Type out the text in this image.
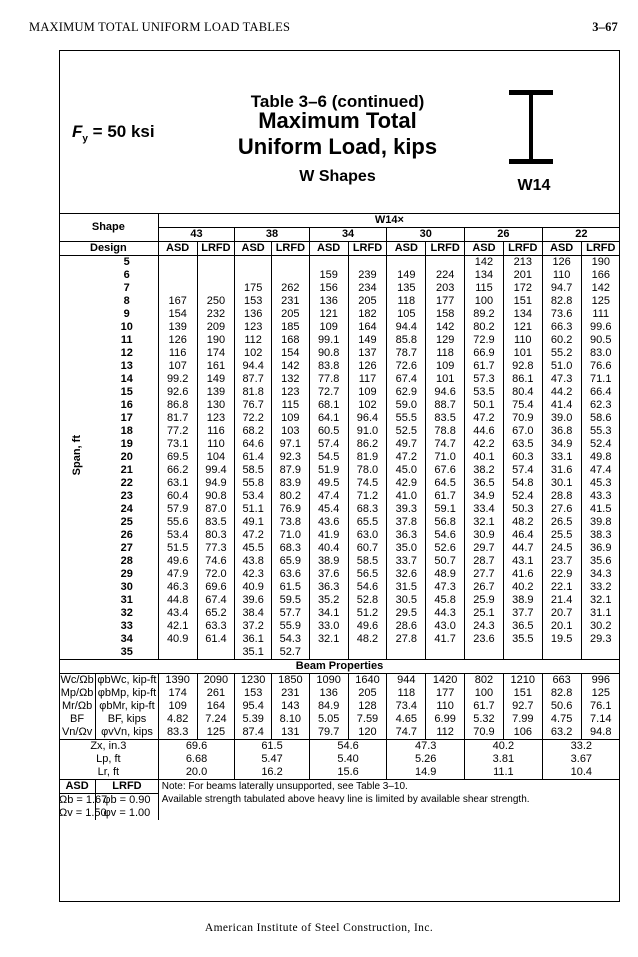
MAXIMUM TOTAL UNIFORM LOAD TABLES	3–67
$F_y = 50$ ksi
Table 3–6 (continued)
Maximum Total
Uniform Load, kips
W Shapes
W14
Shape		W14×											
		43		38		34		30		26		22	
Design		ASD	LRFD	ASD	LRFD	ASD	LRFD	ASD	LRFD	ASD	LRFD	ASD	LRFD
Span, ft	5									142	213	126	190
	6					159	239	149	224	134	201	110	166
	7			175	262	156	234	135	203	115	172	94.7	142
	8	167	250	153	231	136	205	118	177	100	151	82.8	125
	9	154	232	136	205	121	182	105	158	89.2	134	73.6	111
	10	139	209	123	185	109	164	94.4	142	80.2	121	66.3	99.6
	11	126	190	112	168	99.1	149	85.8	129	72.9	110	60.2	90.5
	12	116	174	102	154	90.8	137	78.7	118	66.9	101	55.2	83.0
	13	107	161	94.4	142	83.8	126	72.6	109	61.7	92.8	51.0	76.6
	14	99.2	149	87.7	132	77.8	117	67.4	101	57.3	86.1	47.3	71.1
	15	92.6	139	81.8	123	72.7	109	62.9	94.6	53.5	80.4	44.2	66.4
	16	86.8	130	76.7	115	68.1	102	59.0	88.7	50.1	75.4	41.4	62.3
	17	81.7	123	72.2	109	64.1	96.4	55.5	83.5	47.2	70.9	39.0	58.6
	18	77.2	116	68.2	103	60.5	91.0	52.5	78.8	44.6	67.0	36.8	55.3
	19	73.1	110	64.6	97.1	57.4	86.2	49.7	74.7	42.2	63.5	34.9	52.4
	20	69.5	104	61.4	92.3	54.5	81.9	47.2	71.0	40.1	60.3	33.1	49.8
	21	66.2	99.4	58.5	87.9	51.9	78.0	45.0	67.6	38.2	57.4	31.6	47.4
	22	63.1	94.9	55.8	83.9	49.5	74.5	42.9	64.5	36.5	54.8	30.1	45.3
	23	60.4	90.8	53.4	80.2	47.4	71.2	41.0	61.7	34.9	52.4	28.8	43.3
	24	57.9	87.0	51.1	76.9	45.4	68.3	39.3	59.1	33.4	50.3	27.6	41.5
	25	55.6	83.5	49.1	73.8	43.6	65.5	37.8	56.8	32.1	48.2	26.5	39.8
	26	53.4	80.3	47.2	71.0	41.9	63.0	36.3	54.6	30.9	46.4	25.5	38.3
	27	51.5	77.3	45.5	68.3	40.4	60.7	35.0	52.6	29.7	44.7	24.5	36.9
	28	49.6	74.6	43.8	65.9	38.9	58.5	33.7	50.7	28.7	43.1	23.7	35.6
	29	47.9	72.0	42.3	63.6	37.6	56.5	32.6	48.9	27.7	41.6	22.9	34.3
	30	46.3	69.6	40.9	61.5	36.3	54.6	31.5	47.3	26.7	40.2	22.1	33.2
	31	44.8	67.4	39.6	59.5	35.2	52.8	30.5	45.8	25.9	38.9	21.4	32.1
	32	43.4	65.2	38.4	57.7	34.1	51.2	29.5	44.3	25.1	37.7	20.7	31.1
	33	42.1	63.3	37.2	55.9	33.0	49.6	28.6	43.0	24.3	36.5	20.1	30.2
	34	40.9	61.4	36.1	54.3	32.1	48.2	27.8	41.7	23.6	35.5	19.5	29.3
	35			35.1	52.7								
Beam Properties													
Wc/Ωb	φbWc, kip-ft	1390	2090	1230	1850	1090	1640	944	1420	802	1210	663	996
Mp/Ωb	φbMp, kip-ft	174	261	153	231	136	205	118	177	100	151	82.8	125
Mr/Ωb	φbMr, kip-ft	109	164	95.4	143	84.9	128	73.4	110	61.7	92.7	50.6	76.1
BF	BF, kips	4.82	7.24	5.39	8.10	5.05	7.59	4.65	6.99	5.32	7.99	4.75	7.14
Vn/Ωv	φvVn, kips	83.3	125	87.4	131	79.7	120	74.7	112	70.9	106	63.2	94.8
Zx, in.3		69.6		61.5		54.6		47.3		40.2		33.2	
Lp, ft		6.68		5.47		5.40		5.26		3.81		3.67	
Lr, ft		20.0		16.2		15.6		14.9		11.1		10.4	
ASD	LRFD	Note: For beams laterally unsupported, see Table 3–10.
Available strength tabulated above heavy line is limited by available shear strength.											

Ωb = 1.67	φb = 0.90												
Ωv = 1.50	φv = 1.00												
American Institute of Steel Construction, Inc.
